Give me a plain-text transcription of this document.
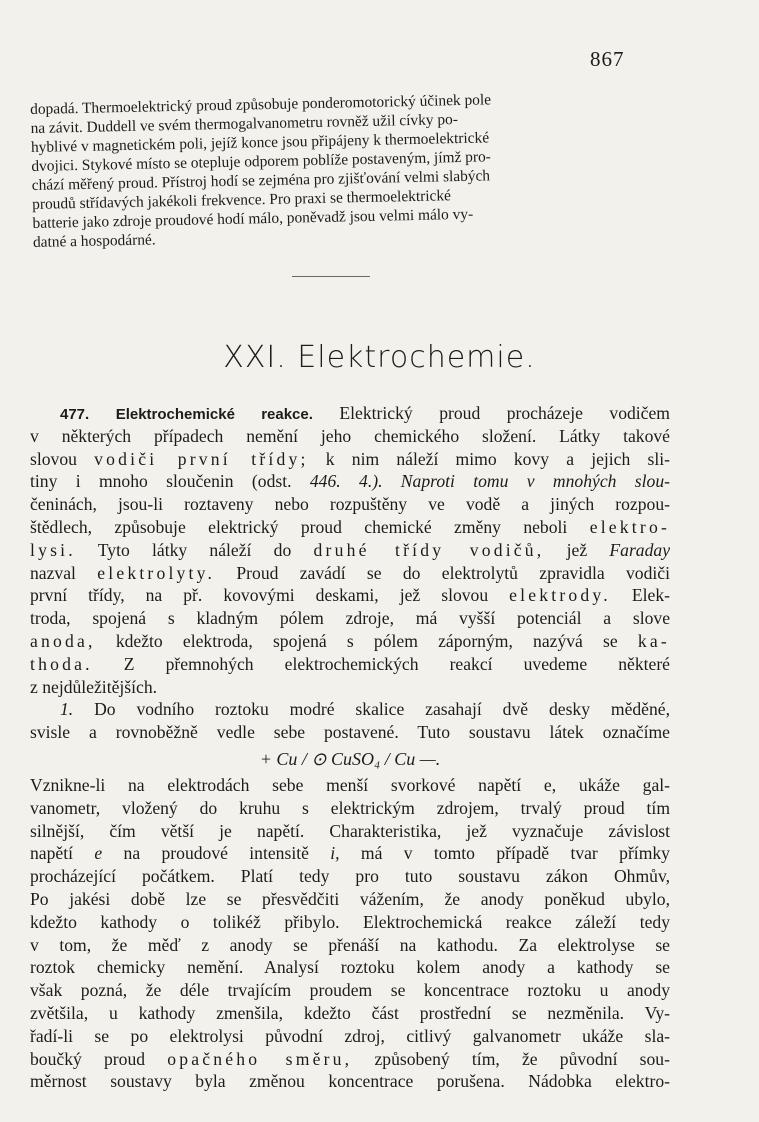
867
dopadá. Thermoelektrický proud způsobuje ponderomotorický účinek pole
na závit. Duddell ve svém thermogalvanometru rovněž užil cívky po-
hyblivé v magnetickém poli, jejíž konce jsou připájeny k thermoelektrické
dvojici. Stykové místo se otepluje odporem poblíže postaveným, jímž pro-
chází měřený proud. Přístroj hodí se zejména pro zjišťování velmi slabých
proudů střídavých jakékoli frekvence. Pro praxi se thermoelektrické
batterie jako zdroje proudové hodí málo, poněvadž jsou velmi málo vy-
datné a hospodárné.
XXI. Elektrochemie.
477. Elektrochemické reakce. Elektrický proud procházeje vodičem
v některých případech nemění jeho chemického složení. Látky takové
slovou vodiči první třídy; k nim náleží mimo kovy a jejich sli-
tiny i mnoho sloučenin (odst. 446. 4.). Naproti tomu v mnohých slou-
čeninách, jsou-li roztaveny nebo rozpuštěny ve vodě a jiných rozpou-
štědlech, způsobuje elektrický proud chemické změny neboli elektro-
lysi. Tyto látky náleží do druhé třídy vodičů, jež Faraday
nazval elektrolyty. Proud zavádí se do elektrolytů zpravidla vodiči
první třídy, na př. kovovými deskami, jež slovou elektrody. Elek-
troda, spojená s kladným pólem zdroje, má vyšší potenciál a slove
anoda, kdežto elektroda, spojená s pólem záporným, nazývá se ka-
thoda. Z přemnohých elektrochemických reakcí uvedeme některé
z nejdůležitějších.
1. Do vodního roztoku modré skalice zasahají dvě desky měděné,
svisle a rovnoběžně vedle sebe postavené. Tuto soustavu látek označíme
+ Cu / ⊙ CuSO₄ / Cu —.
Vznikne-li na elektrodách sebe menší svorkové napětí e, ukáže gal-
vanometr, vložený do kruhu s elektrickým zdrojem, trvalý proud tím
silnější, čím větší je napětí. Charakteristika, jež vyznačuje závislost
napětí e na proudové intensitě i, má v tomto případě tvar přímky
procházející počátkem. Platí tedy pro tuto soustavu zákon Ohmův,
Po jakési době lze se přesvědčiti vážením, že anody poněkud ubylo,
kdežto kathody o tolikéž přibylo. Elektrochemická reakce záleží tedy
v tom, že měď z anody se přenáší na kathodu. Za elektrolyse se
roztok chemicky nemění. Analysí roztoku kolem anody a kathody se
však pozná, že déle trvajícím proudem se koncentrace roztoku u anody
zvětšila, u kathody zmenšila, kdežto část prostřední se nezměnila. Vy-
řadí-li se po elektrolysi původní zdroj, citlivý galvanometr ukáže sla-
boučký proud opačného směru, způsobený tím, že původní sou-
měrnost soustavy byla změnou koncentrace porušena. Nádobka elektro-
